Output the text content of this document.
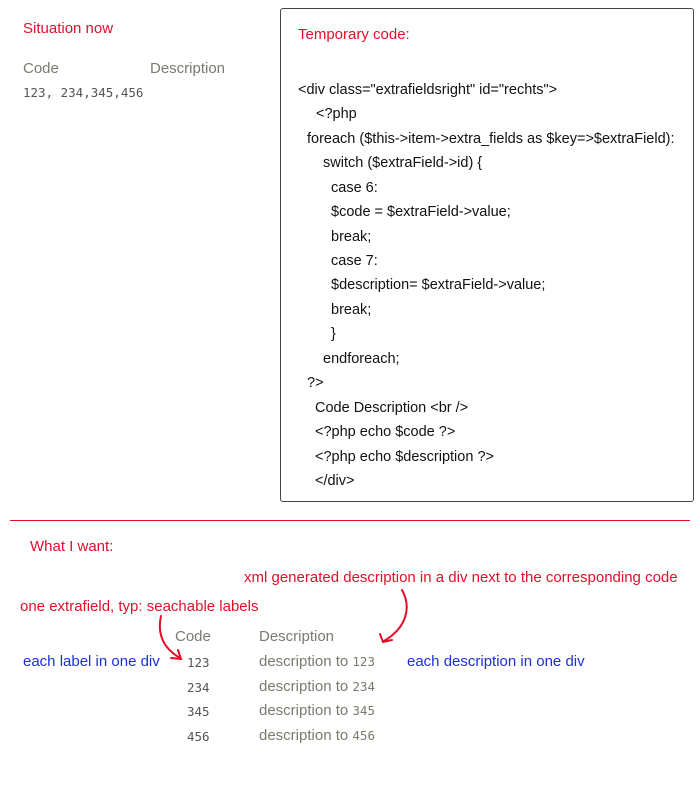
Situation now
Code	Description
123, 234,345,456
Temporary code:
<div class="extrafieldsright" id="rechts">
<?php
foreach ($this->item->extra_fields as $key=>$extraField):
switch ($extraField->id) {
case 6:
$code = $extraField->value;
break;
case 7:
$description= $extraField->value;
break;
}
endforeach;
?>
Code Description <br />
<?php echo $code ?>
<?php echo $description ?>
</div>
What I want:
xml generated description in a div next to the corresponding code
one extrafield, typ: seachable labels
Code	Description
each label in one div	each description in one div
123	description to 123
234	description to 234
345	description to 345
456	description to 456
